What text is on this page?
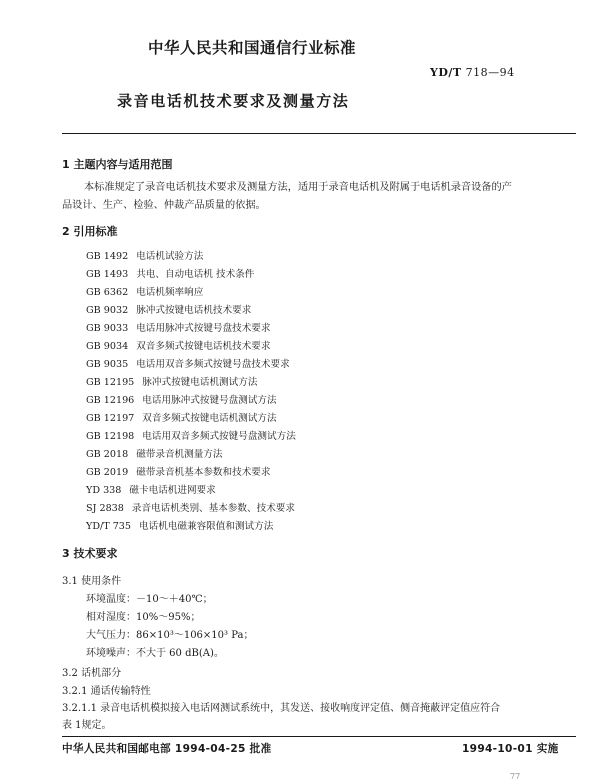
中华人民共和国通信行业标准
YD/T 718—94
录音电话机技术要求及测量方法
1 主题内容与适用范围
本标准规定了录音电话机技术要求及测量方法，适用于录音电话机及附属于电话机录音设备的产
品设计、生产、检验、仲裁产品质量的依据。
2 引用标准
GB 1492 电话机试验方法
GB 1493 共电、自动电话机 技术条件
GB 6362 电话机频率响应
GB 9032 脉冲式按键电话机技术要求
GB 9033 电话用脉冲式按键号盘技术要求
GB 9034 双音多频式按键电话机技术要求
GB 9035 电话用双音多频式按键号盘技术要求
GB 12195 脉冲式按键电话机测试方法
GB 12196 电话用脉冲式按键号盘测试方法
GB 12197 双音多频式按键电话机测试方法
GB 12198 电话用双音多频式按键号盘测试方法
GB 2018 磁带录音机测量方法
GB 2019 磁带录音机基本参数和技术要求
YD 338 磁卡电话机进网要求
SJ 2838 录音电话机类别、基本参数、技术要求
YD/T 735 电话机电磁兼容限值和测试方法
3 技术要求
3.1 使用条件
环境温度：－10～＋40℃；
相对湿度：10%～95%；
大气压力：86×10³～106×10³ Pa；
环境噪声：不大于 60 dB(A)。
3.2 话机部分
3.2.1 通话传输特性
3.2.1.1 录音电话机模拟接入电话网测试系统中，其发送、接收响度评定值、侧音掩蔽评定值应符合
表 1规定。
中华人民共和国邮电部 1994-04-25 批准	1994-10-01 实施
77
